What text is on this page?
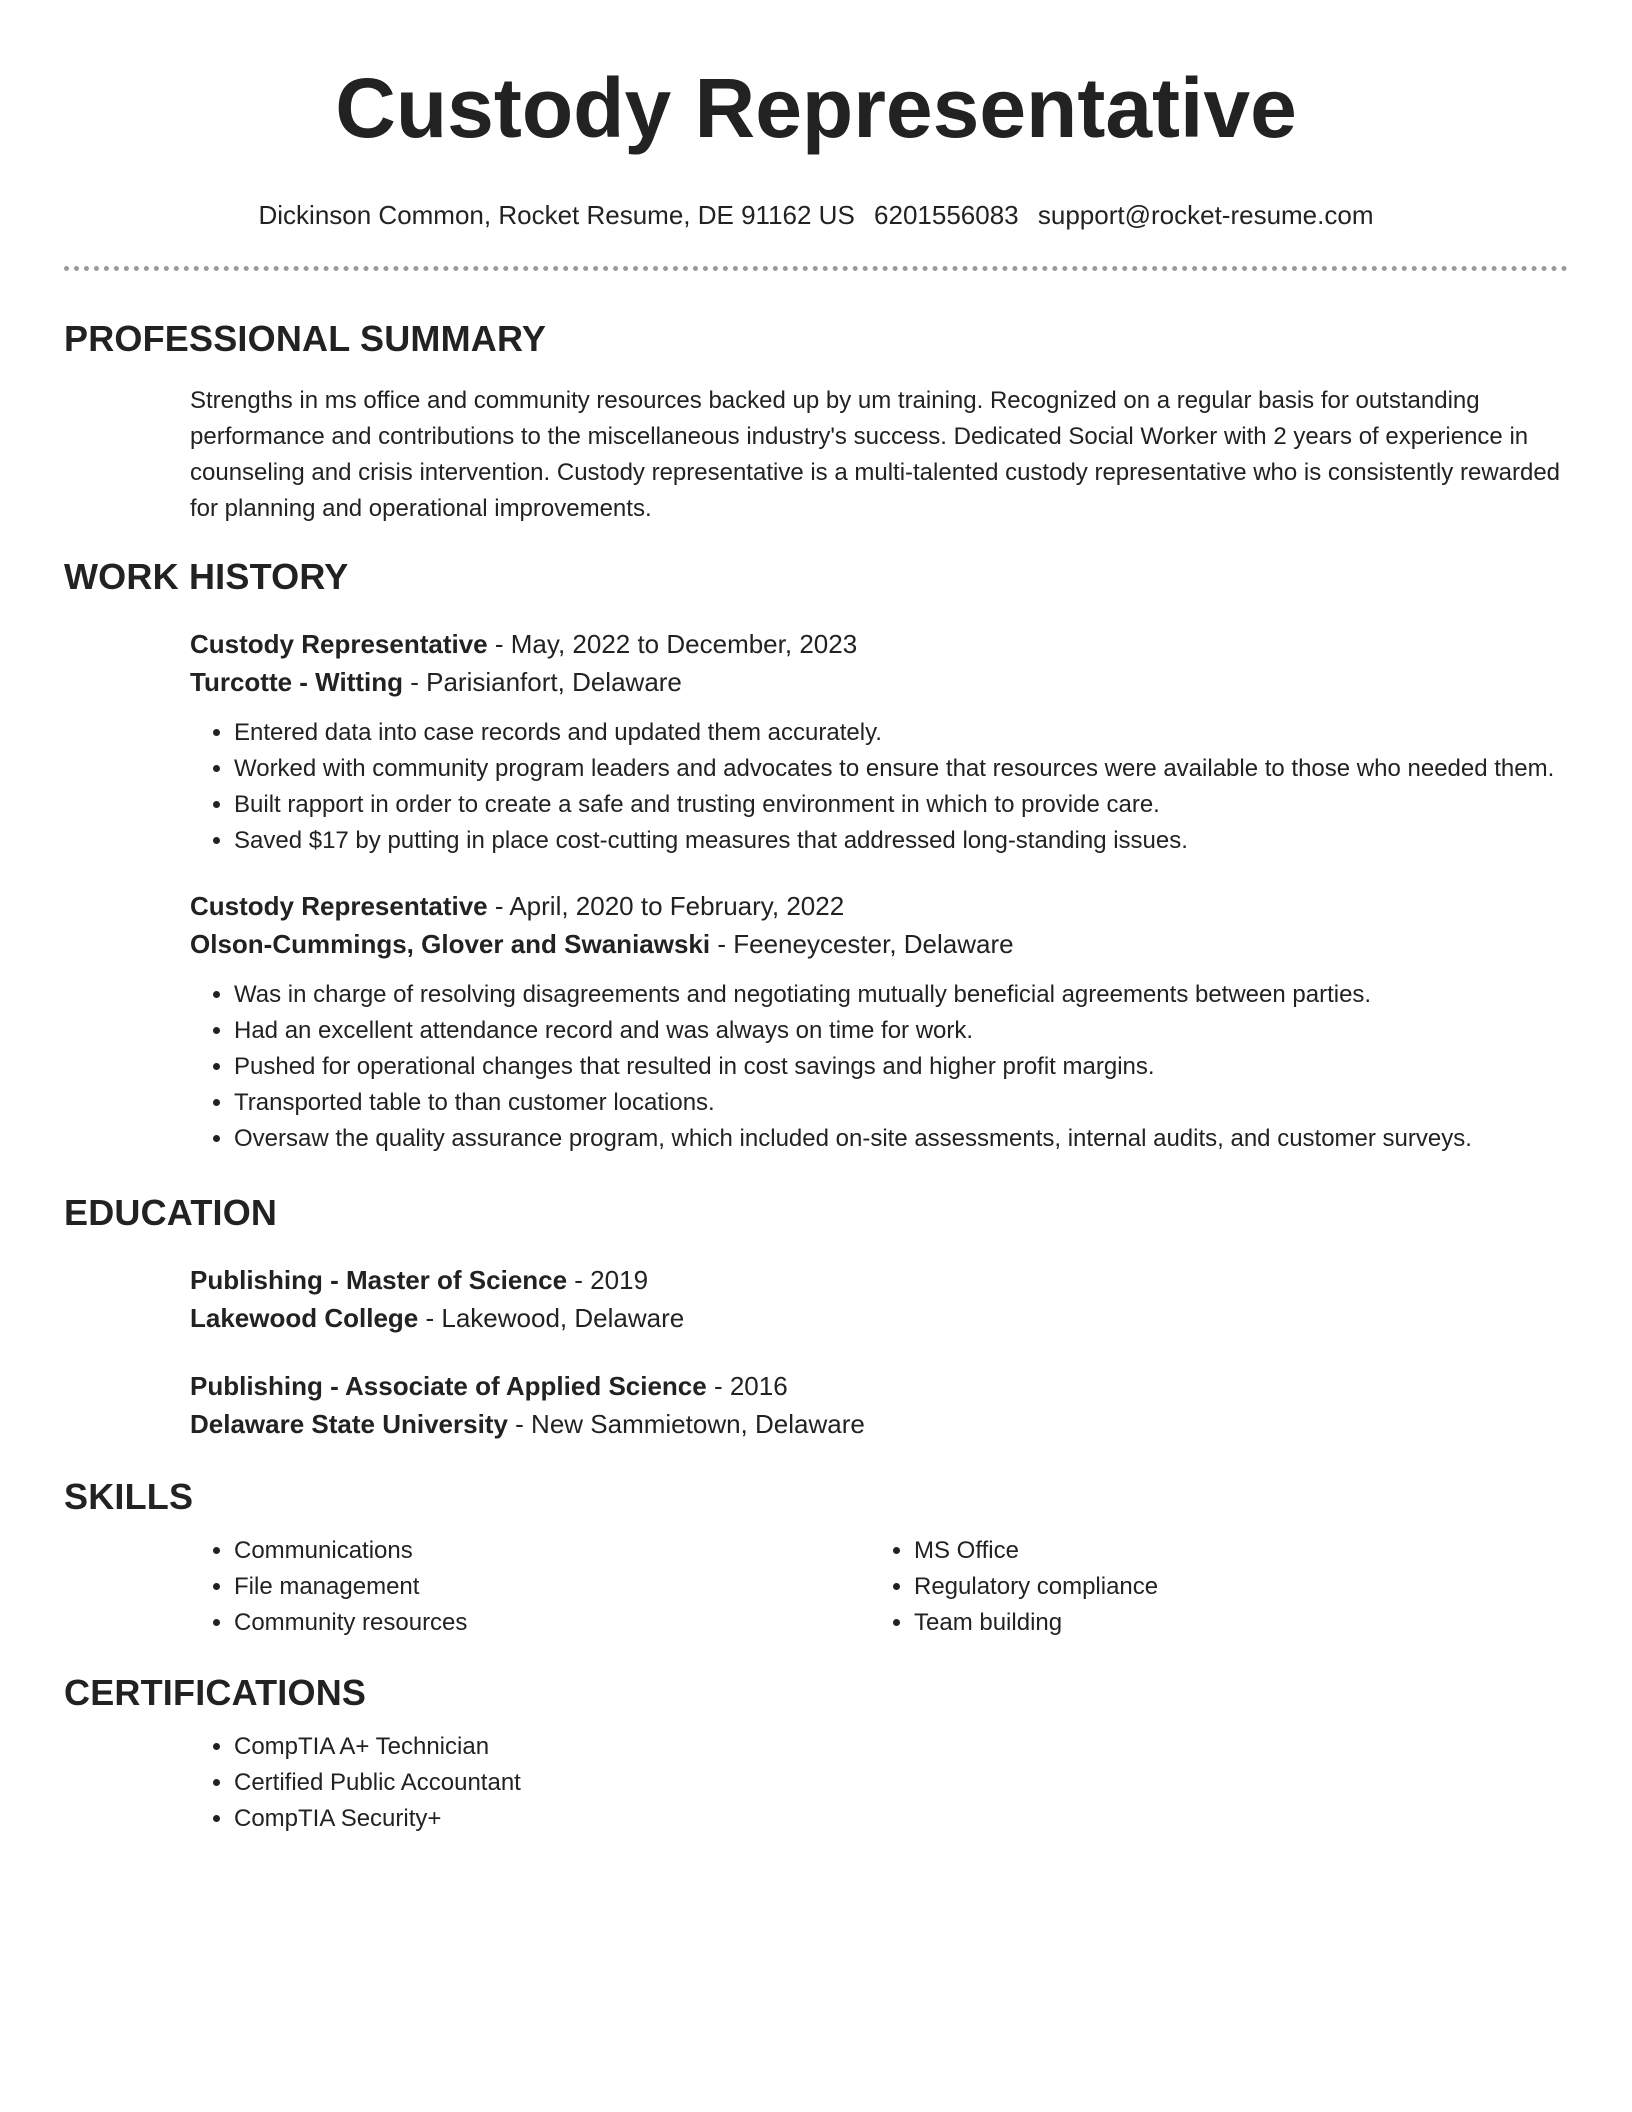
Custody Representative
Dickinson Common, Rocket Resume, DE 91162 US 6201556083 support@rocket-resume.com
PROFESSIONAL SUMMARY
Strengths in ms office and community resources backed up by um training. Recognized on a regular basis for outstanding performance and contributions to the miscellaneous industry's success. Dedicated Social Worker with 2 years of experience in counseling and crisis intervention. Custody representative is a multi-talented custody representative who is consistently rewarded for planning and operational improvements.
WORK HISTORY
Custody Representative - May, 2022 to December, 2023
Turcotte - Witting - Parisianfort, Delaware
• Entered data into case records and updated them accurately.
• Worked with community program leaders and advocates to ensure that resources were available to those who needed them.
• Built rapport in order to create a safe and trusting environment in which to provide care.
• Saved $17 by putting in place cost-cutting measures that addressed long-standing issues.
Custody Representative - April, 2020 to February, 2022
Olson-Cummings, Glover and Swaniawski - Feeneycester, Delaware
• Was in charge of resolving disagreements and negotiating mutually beneficial agreements between parties.
• Had an excellent attendance record and was always on time for work.
• Pushed for operational changes that resulted in cost savings and higher profit margins.
• Transported table to than customer locations.
• Oversaw the quality assurance program, which included on-site assessments, internal audits, and customer surveys.
EDUCATION
Publishing - Master of Science - 2019
Lakewood College - Lakewood, Delaware
Publishing - Associate of Applied Science - 2016
Delaware State University - New Sammietown, Delaware
SKILLS
• Communications
• File management
• Community resources
• MS Office
• Regulatory compliance
• Team building
CERTIFICATIONS
• CompTIA A+ Technician
• Certified Public Accountant
• CompTIA Security+
